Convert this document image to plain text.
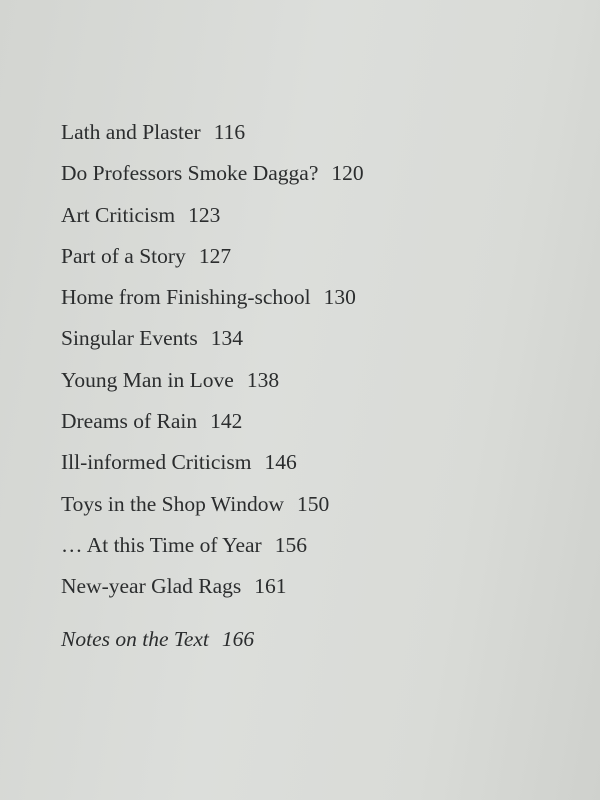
Lath and Plaster 116
Do Professors Smoke Dagga? 120
Art Criticism 123
Part of a Story 127
Home from Finishing-school 130
Singular Events 134
Young Man in Love 138
Dreams of Rain 142
Ill-informed Criticism 146
Toys in the Shop Window 150
… At this Time of Year 156
New-year Glad Rags 161
Notes on the Text 166
